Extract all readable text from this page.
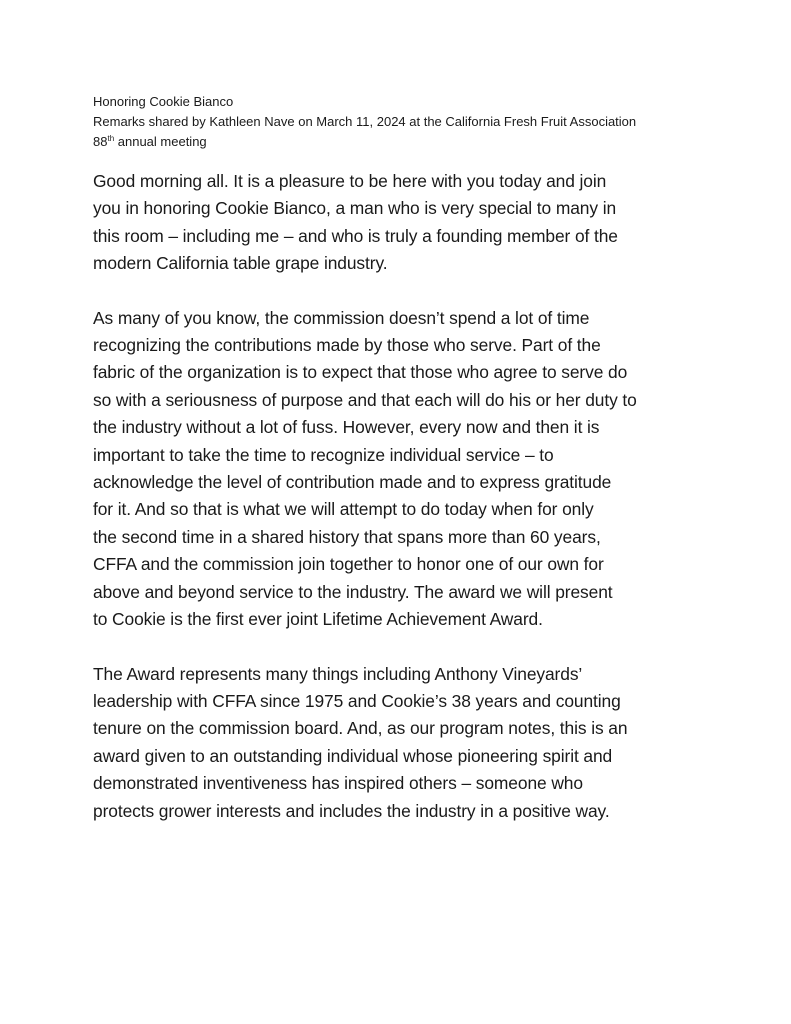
Honoring Cookie Bianco

Remarks shared by Kathleen Nave on March 11, 2024 at the California Fresh Fruit Association

88th annual meeting

Good morning all. It is a pleasure to be here with you today and join
you in honoring Cookie Bianco, a man who is very special to many in
this room – including me – and who is truly a founding member of the
modern California table grape industry.

As many of you know, the commission doesn’t spend a lot of time
recognizing the contributions made by those who serve. Part of the
fabric of the organization is to expect that those who agree to serve do
so with a seriousness of purpose and that each will do his or her duty to
the industry without a lot of fuss. However, every now and then it is
important to take the time to recognize individual service – to
acknowledge the level of contribution made and to express gratitude
for it. And so that is what we will attempt to do today when for only
the second time in a shared history that spans more than 60 years,
CFFA and the commission join together to honor one of our own for
above and beyond service to the industry. The award we will present
to Cookie is the first ever joint Lifetime Achievement Award.

The Award represents many things including Anthony Vineyards’
leadership with CFFA since 1975 and Cookie’s 38 years and counting
tenure on the commission board. And, as our program notes, this is an
award given to an outstanding individual whose pioneering spirit and
demonstrated inventiveness has inspired others – someone who
protects grower interests and includes the industry in a positive way.
